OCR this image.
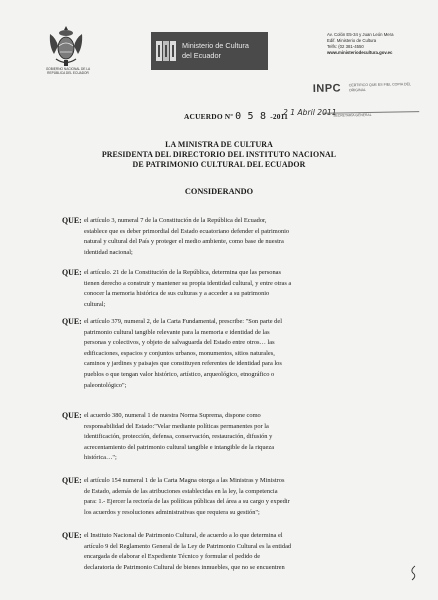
GOBIERNO NACIONAL DE LA REPÚBLICA DEL ECUADOR
Ministerio de Cultura
del Ecuador
Av. Colón E5-34 y Juan León Mera
Edif. Ministerio de Cultura
Telfs: (02 381-4550
www.ministeriodecultura.gov.ec
INPC CERTIFICO QUE ES FIEL COPIA DEL ORIGINAL
SECRETARÍA GENERAL
ACUERDO Nº 0 5 8 -2011
2 1 Abril 2011
LA MINISTRA DE CULTURA
PRESIDENTA DEL DIRECTORIO DEL INSTITUTO NACIONAL
DE PATRIMONIO CULTURAL DEL ECUADOR
CONSIDERANDO
QUE: el artículo 3, numeral 7 de la Constitución de la República del Ecuador,
establece que es deber primordial del Estado ecuatoriano defender el patrimonio
natural y cultural del País y proteger el medio ambiente, como base de nuestra
identidad nacional;
QUE: el artículo. 21 de la Constitución de la República, determina que las personas
tienen derecho a construir y mantener su propia identidad cultural, y entre otras a
conocer la memoria histórica de sus culturas y a acceder a su patrimonio
cultural;
QUE: el artículo 379, numeral 2, de la Carta Fundamental, prescribe: "Son parte del
patrimonio cultural tangible relevante para la memoria e identidad de las
personas y colectivos, y objeto de salvaguarda del Estado entre otros… las
edificaciones, espacios y conjuntos urbanos, monumentos, sitios naturales,
caminos y jardines y paisajes que constituyen referentes de identidad para los
pueblos o que tengan valor histórico, artístico, arqueológico, etnográfico o
paleontológico";
QUE: el acuerdo 380, numeral 1 de nuestra Norma Suprema, dispone como
responsabilidad del Estado:"Velar mediante políticas permanentes por la
identificación, protección, defensa, conservación, restauración, difusión y
acrecentamiento del patrimonio cultural tangible e intangible de la riqueza
histórica…";
QUE: el artículo 154 numeral 1 de la Carta Magna otorga a las Ministras y Ministros
de Estado, además de las atribuciones establecidas en la ley, la competencia
para: 1.- Ejercer la rectoría de las políticas públicas del área a su cargo y expedir
los acuerdos y resoluciones administrativas que requiera su gestión";
QUE: el Instituto Nacional de Patrimonio Cultural, de acuerdo a lo que determina el
artículo 9 del Reglamento General de la Ley de Patrimonio Cultural es la entidad
encargada de elaborar el Expediente Técnico y formular el pedido de
declaratoria de Patrimonio Cultural de bienes inmuebles, que no se encuentren
